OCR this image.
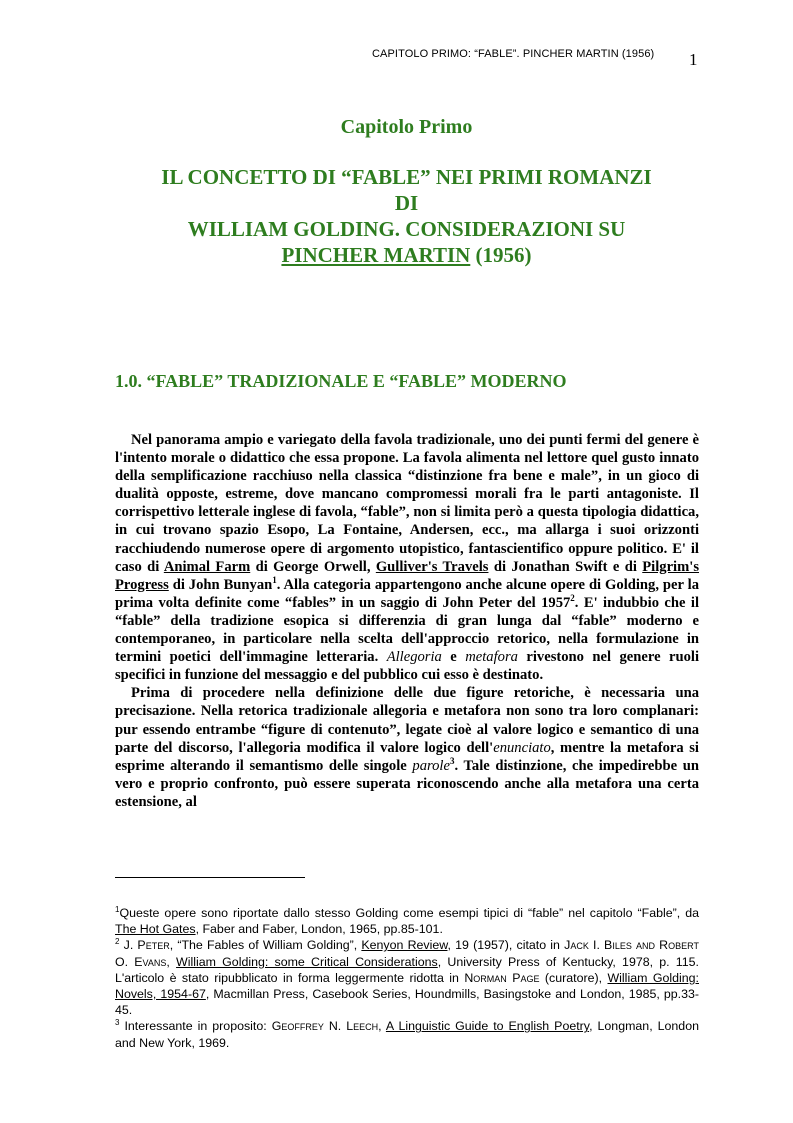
CAPITOLO PRIMO: “FABLE”. PINCHER MARTIN (1956) 1
Capitolo Primo
IL CONCETTO DI “FABLE” NEI PRIMI ROMANZI
DI
WILLIAM GOLDING. CONSIDERAZIONI SU
PINCHER MARTIN (1956)
1.0. “FABLE” TRADIZIONALE E “FABLE” MODERNO

Nel panorama ampio e variegato della favola tradizionale, uno dei punti fermi del genere è l'intento morale o didattico che essa propone. La favola alimenta nel lettore quel gusto innato della semplificazione racchiuso nella classica “distinzione fra bene e male”, in un gioco di dualità opposte, estreme, dove mancano compromessi morali fra le parti antagoniste. Il corrispettivo letterale inglese di favola, “fable”, non si limita però a questa tipologia didattica, in cui trovano spazio Esopo, La Fontaine, Andersen, ecc., ma allarga i suoi orizzonti racchiudendo numerose opere di argomento utopistico, fantascientifico oppure politico. E' il caso di Animal Farm di George Orwell, Gulliver's Travels di Jonathan Swift e di Pilgrim's Progress di John Bunyan$^1$. Alla categoria appartengono anche alcune opere di Golding, per la prima volta definite come “fables” in un saggio di John Peter del 1957$^2$. E' indubbio che il “fable” della tradizione esopica si differenzia di gran lunga dal “fable” moderno e contemporaneo, in particolare nella scelta dell'approccio retorico, nella formulazione in termini poetici dell'immagine letteraria. Allegoria e metafora rivestono nel genere ruoli specifici in funzione del messaggio e del pubblico cui esso è destinato.

Prima di procedere nella definizione delle due figure retoriche, è necessaria una precisazione. Nella retorica tradizionale allegoria e metafora non sono tra loro complanari: pur essendo entrambe “figure di contenuto”, legate cioè al valore logico e semantico di una parte del discorso, l'allegoria modifica il valore logico dell'enunciato, mentre la metafora si esprime alterando il semantismo delle singole parole$^3$. Tale distinzione, che impedirebbe un vero e proprio confronto, può essere superata riconoscendo anche alla metafora una certa estensione, al

$^1$Queste opere sono riportate dallo stesso Golding come esempi tipici di “fable” nel capitolo “Fable”, da The Hot Gates, Faber and Faber, London, 1965, pp.85-101.

$^2$ J. Peter, “The Fables of William Golding”, Kenyon Review, 19 (1957), citato in Jack I. Biles and Robert O. Evans, William Golding: some Critical Considerations, University Press of Kentucky, 1978, p. 115. L'articolo è stato ripubblicato in forma leggermente ridotta in Norman Page (curatore), William Golding: Novels, 1954-67, Macmillan Press, Casebook Series, Houndmills, Basingstoke and London, 1985, pp.33-45.

$^3$ Interessante in proposito: Geoffrey N. Leech, A Linguistic Guide to English Poetry, Longman, London and New York, 1969.
